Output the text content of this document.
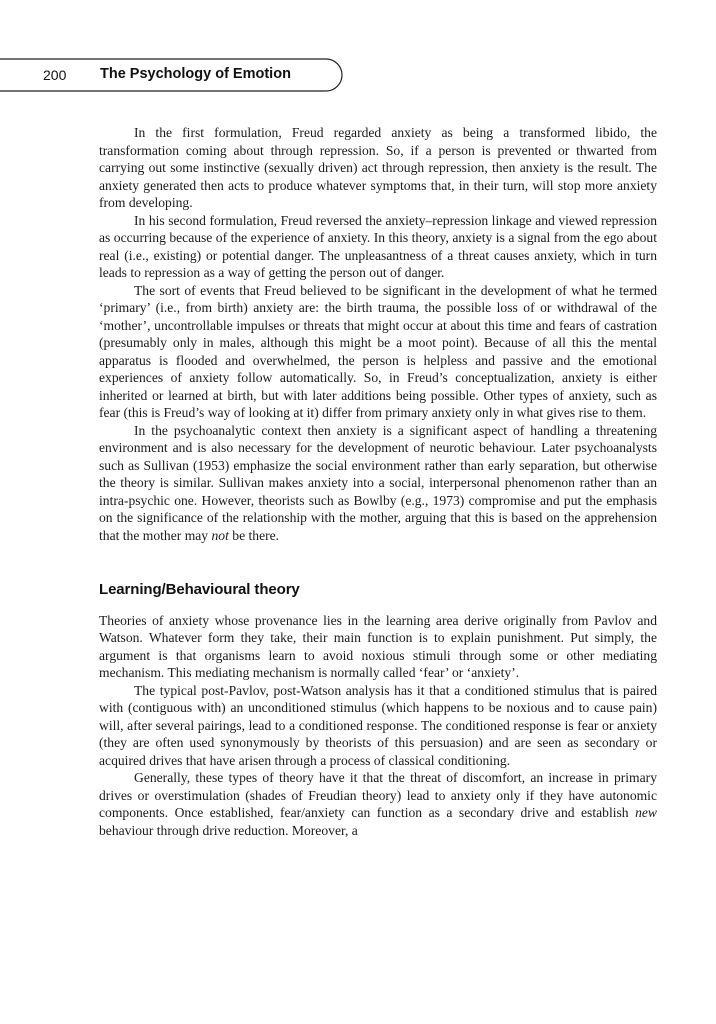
200 The Psychology of Emotion

In the first formulation, Freud regarded anxiety as being a transformed libido, the transformation coming about through repression. So, if a person is prevented or thwarted from carrying out some instinctive (sexually driven) act through repression, then anxiety is the result. The anxiety generated then acts to produce whatever symptoms that, in their turn, will stop more anxiety from developing.

In his second formulation, Freud reversed the anxiety–repression linkage and viewed repression as occurring because of the experience of anxiety. In this theory, anxiety is a signal from the ego about real (i.e., existing) or potential danger. The unpleasantness of a threat causes anxiety, which in turn leads to repression as a way of getting the person out of danger.

The sort of events that Freud believed to be significant in the development of what he termed ‘primary’ (i.e., from birth) anxiety are: the birth trauma, the possible loss of or withdrawal of the ‘mother’, uncontrollable impulses or threats that might occur at about this time and fears of castration (presumably only in males, although this might be a moot point). Because of all this the mental apparatus is flooded and overwhelmed, the person is helpless and passive and the emotional experiences of anxiety follow automatically. So, in Freud’s conceptualization, anxiety is either inherited or learned at birth, but with later additions being possible. Other types of anxiety, such as fear (this is Freud’s way of looking at it) differ from primary anxiety only in what gives rise to them.

In the psychoanalytic context then anxiety is a significant aspect of handling a threatening environment and is also necessary for the development of neurotic behaviour. Later psychoanalysts such as Sullivan (1953) emphasize the social environment rather than early separation, but otherwise the theory is similar. Sullivan makes anxiety into a social, interpersonal phenomenon rather than an intra-psychic one. However, theorists such as Bowlby (e.g., 1973) compromise and put the emphasis on the significance of the relationship with the mother, arguing that this is based on the apprehension that the mother may not be there.

Learning/Behavioural theory

Theories of anxiety whose provenance lies in the learning area derive originally from Pavlov and Watson. Whatever form they take, their main function is to explain punishment. Put simply, the argument is that organisms learn to avoid noxious stimuli through some or other mediating mechanism. This mediating mechanism is normally called ‘fear’ or ‘anxiety’.

The typical post-Pavlov, post-Watson analysis has it that a conditioned stimulus that is paired with (contiguous with) an unconditioned stimulus (which happens to be noxious and to cause pain) will, after several pairings, lead to a conditioned response. The conditioned response is fear or anxiety (they are often used synonymously by theorists of this persuasion) and are seen as secondary or acquired drives that have arisen through a process of classical conditioning.

Generally, these types of theory have it that the threat of discomfort, an increase in primary drives or overstimulation (shades of Freudian theory) lead to anxiety only if they have autonomic components. Once established, fear/anxiety can function as a secondary drive and establish new behaviour through drive reduction. Moreover, a
